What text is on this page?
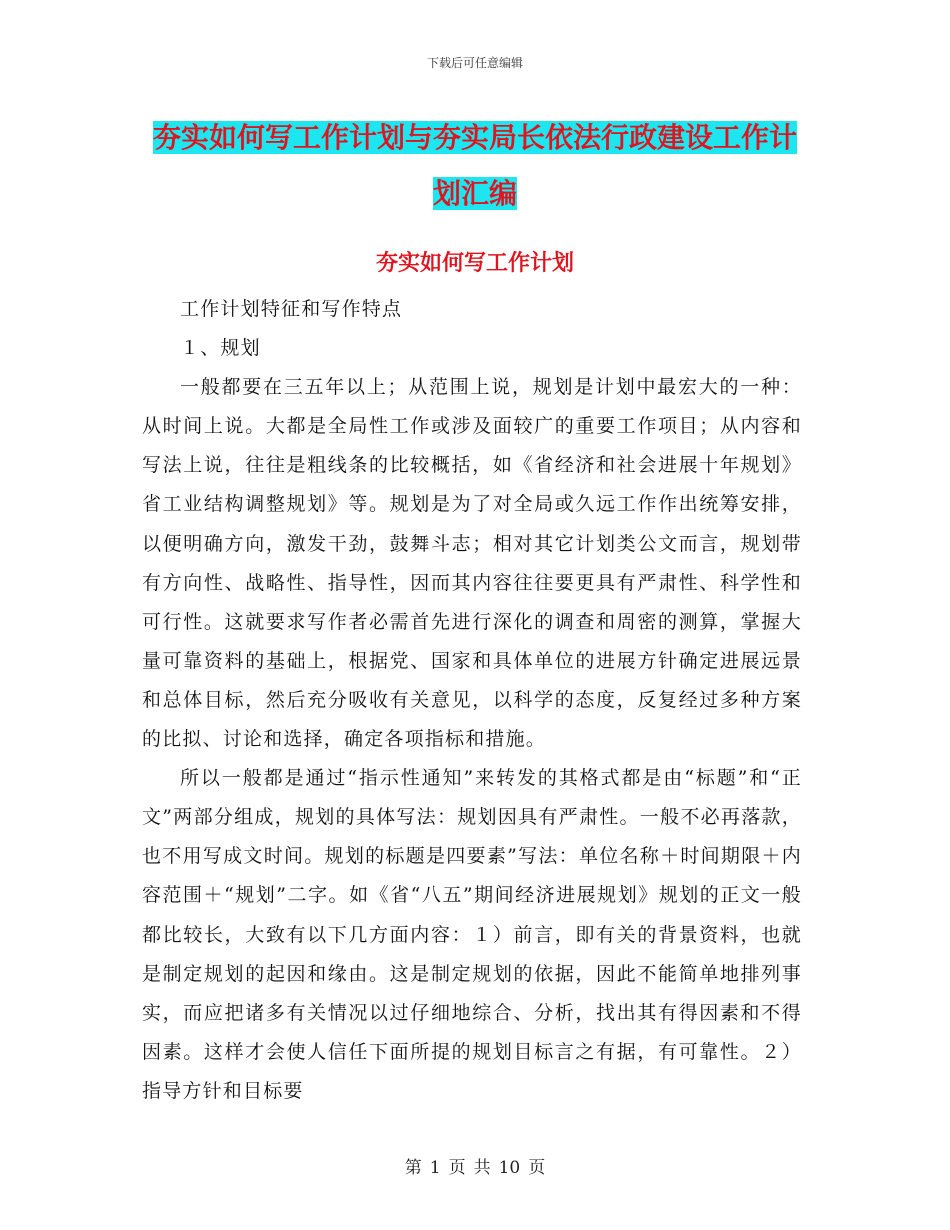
下载后可任意编辑
夯实如何写工作计划与夯实局长依法行政建设工作计
划汇编
夯实如何写工作计划

工作计划特征和写作特点

１、规划

一般都要在三五年以上；从范围上说，规划是计划中最宏大的一种：从时间上说。大都是全局性工作或涉及面较广的重要工作项目；从内容和写法上说，往往是粗线条的比较概括，如《省经济和社会进展十年规划》省工业结构调整规划》等。规划是为了对全局或久远工作作出统筹安排，以便明确方向，激发干劲，鼓舞斗志；相对其它计划类公文而言，规划带有方向性、战略性、指导性，因而其内容往往要更具有严肃性、科学性和可行性。这就要求写作者必需首先进行深化的调查和周密的测算，掌握大量可靠资料的基础上，根据党、国家和具体单位的进展方针确定进展远景和总体目标，然后充分吸收有关意见，以科学的态度，反复经过多种方案的比拟、讨论和选择，确定各项指标和措施。

所以一般都是通过“指示性通知”来转发的其格式都是由“标题”和“正文”两部分组成，规划的具体写法：规划因具有严肃性。一般不必再落款，也不用写成文时间。规划的标题是四要素”写法：单位名称＋时间期限＋内容范围＋“规划”二字。如《省“八五”期间经济进展规划》规划的正文一般都比较长，大致有以下几方面内容：１）前言，即有关的背景资料，也就是制定规划的起因和缘由。这是制定规划的依据，因此不能简单地排列事实，而应把诸多有关情况以过仔细地综合、分析，找出其有得因素和不得因素。这样才会使人信任下面所提的规划目标言之有据，有可靠性。２）指导方针和目标要

第 1 页 共 10 页
